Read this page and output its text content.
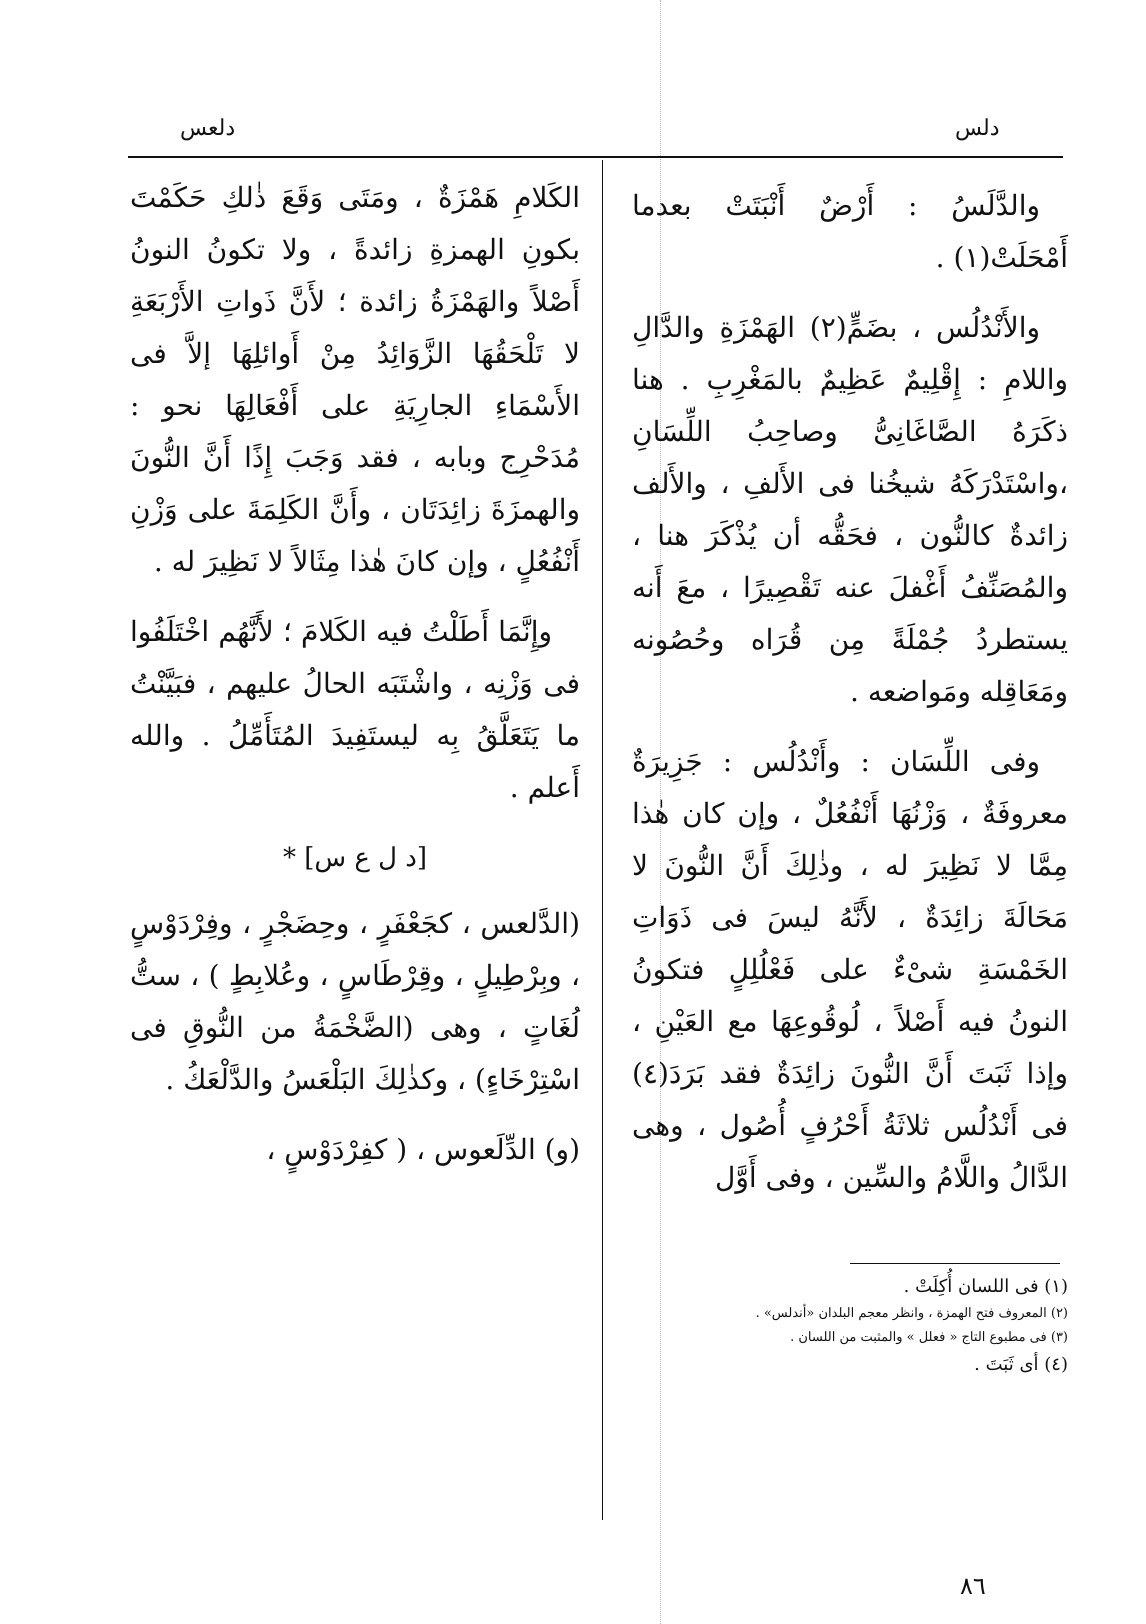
دلس
دلعس

والدَّلَسُ : أَرْضٌ أَنْبَتَتْ بعدما أَمْحَلَتْ(١) .

والأَنْدُلُس ، بضَمٍّ(٢) الهَمْزَةِ والدَّالِ واللامِ : إِقْلِيمٌ عَظِيمٌ بالمَغْرِبِ . هنا ذكَرَهُ الصَّاغَانِىُّ وصاحِبُ اللِّسَانِ ،واسْتَدْرَكَهُ شيخُنا فى الأَلفِ ، والأَلف زائدةٌ كالنُّون ، فحَقُّه أن يُذْكَرَ هنا ، والمُصَنِّفُ أَغْفلَ عنه تَقْصِيرًا ، معَ أَنه يستطردُ جُمْلَةً مِن قُرَاه وحُصُونه ومَعَاقِله ومَواضعه .

وفى اللِّسَان : وأَنْدُلُس : جَزِيرَةٌ معروفَةٌ ، وَزْنُهَا أَنْفُعُلٌ ، وإن كان هٰذا مِمَّا لا نَظِيرَ له ، وذٰلِكَ أَنَّ النُّونَ لا مَحَالَةَ زائِدَةٌ ، لأَنَّهُ ليسَ فى ذَوَاتِ الخَمْسَةِ شىْءٌ على فَعْلُلِلٍ فتكونُ النونُ فيه أَصْلاً ، لُوقُوعِهَا مع العَيْنِ ، وإذا ثَبَتَ أَنَّ النُّونَ زائِدَةٌ فقد بَرَدَ(٤) فى أَنْدُلُس ثلاثَةُ أَحْرُفٍ أُصُول ، وهى الدَّالُ واللَّامُ والسِّين ، وفى أَوَّل

الكَلامِ هَمْزَةٌ ، ومَتَى وَقَعَ ذٰلكِ حَكَمْتَ بكونِ الهمزةِ زائدةً ، ولا تكونُ النونُ أَصْلاً والهَمْزَةُ زائدة ؛ لأَنَّ ذَواتِ الأَرْبَعَةِ لا تَلْحَقُهَا الزَّوَائِدُ مِنْ أَوائلِهَا إلاَّ فى الأَسْمَاءِ الجارِيَةِ على أَفْعَالِهَا نحو : مُدَحْرِج وبابه ، فقد وَجَبَ إِذًا أَنَّ النُّونَ والهمزَةَ زائِدَتَان ، وأَنَّ الكَلِمَةَ على وَزْنِ أَنْفُعُلٍ ، وإن كانَ هٰذا مِثَالاً لا نَظِيرَ له .

وإِنَّمَا أَطَلْتُ فيه الكَلامَ ؛ لأَنَّهُم اخْتَلَفُوا فى وَزْنِه ، واشْتَبَه الحالُ عليهم ، فبَيَّنْتُ ما يَتَعَلَّقُ بِه ليستَفِيدَ المُتَأَمِّلُ . والله أَعلم .

[د ل ع س] *

(الدَّلعس ، كجَعْفَرٍ ، وحِضَجْرٍ ، وفِرْدَوْسٍ ، وبِرْطِيلٍ ، وقِرْطَاسٍ ، وعُلابِطٍ ) ، ستُّ لُغَاتٍ ، وهى (الضَّخْمَةُ من النُّوقِ فى اسْتِرْخَاءٍ) ، وكذٰلِكَ البَلْعَسُ والدَّلْعَكُ .

(و) الدِّلَعوس ، ( كفِرْدَوْسٍ ،

(١) فى اللسان أُكِلَتْ .
(٢) المعروف فتح الهمزة ، وانظر معجم البلدان «أندلس» .
(٣) فى مطبوع التاج « فعلل » والمثبت من اللسان .
(٤) أى ثَبَتَ .
٨٦
